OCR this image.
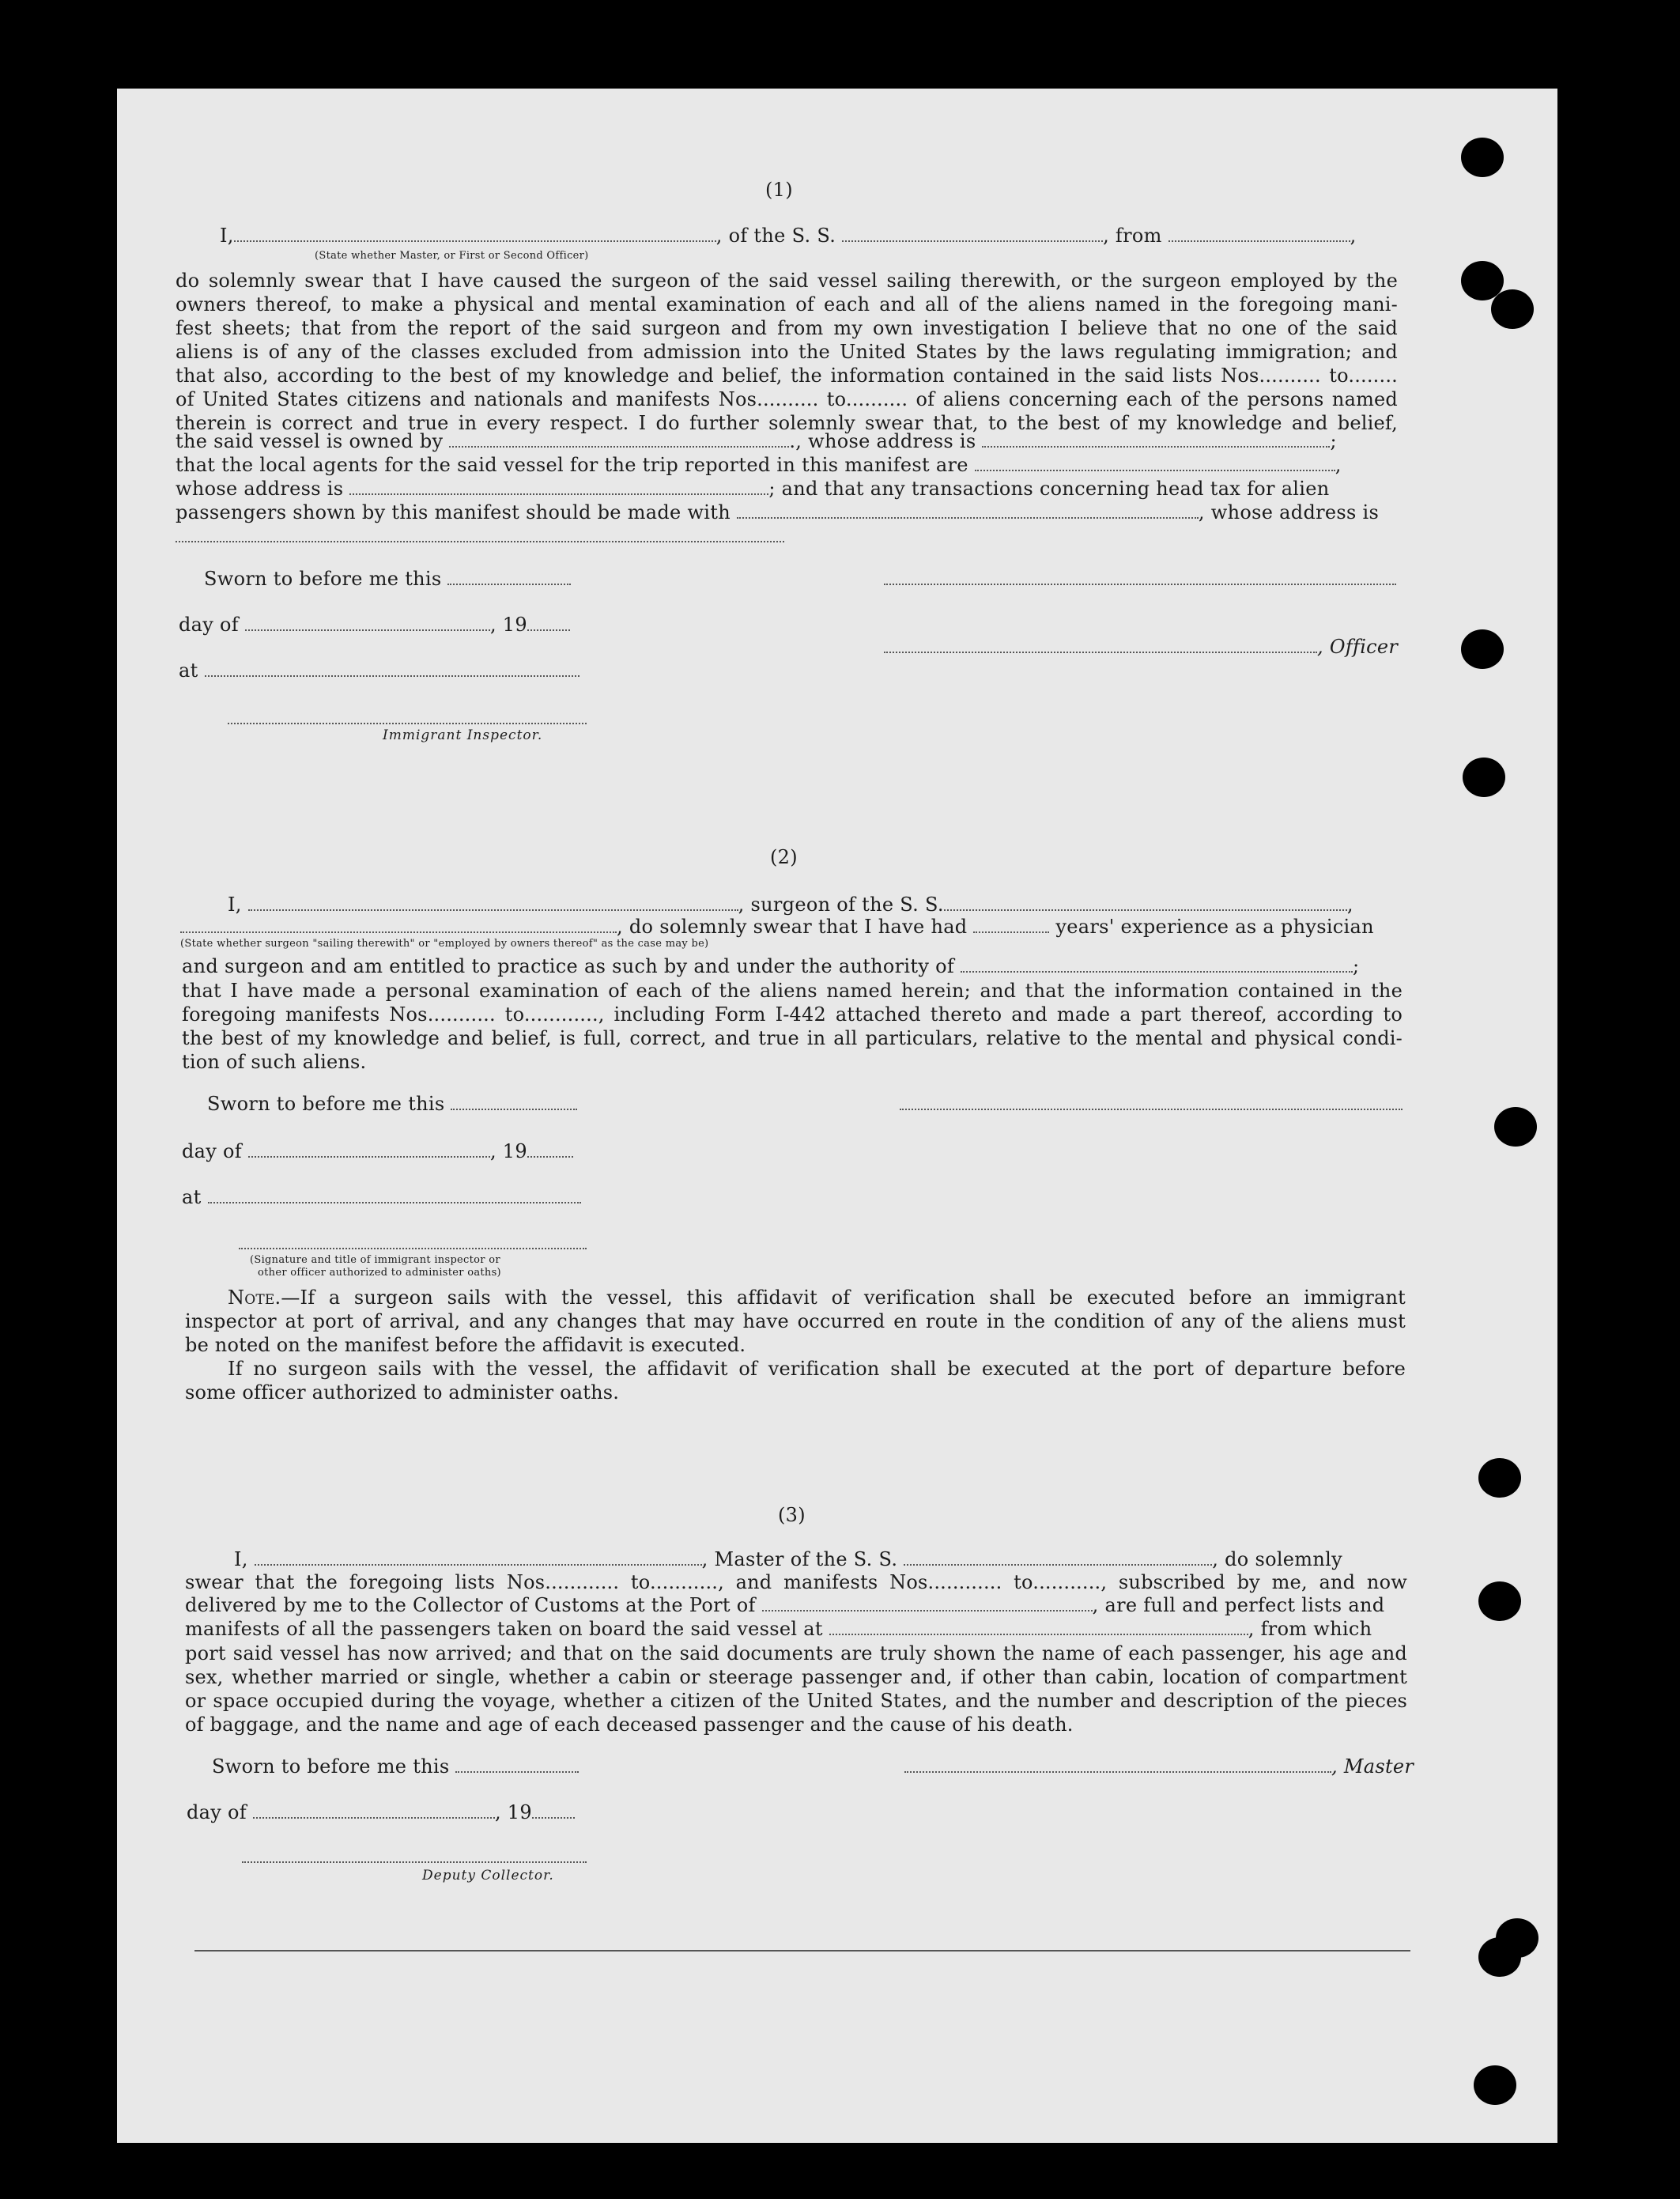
(1)
I,	, of the S. S.	, from	,
(State whether Master, or First or Second Officer)
do solemnly swear that I have caused the surgeon of the said vessel sailing therewith, or the surgeon employed by the
owners thereof, to make a physical and mental examination of each and all of the aliens named in the foregoing mani-
fest sheets; that from the report of the said surgeon and from my own investigation I believe that no one of the said
aliens is of any of the classes excluded from admission into the United States by the laws regulating immigration; and
that also, according to the best of my knowledge and belief, the information contained in the said lists Nos.......... to........
of United States citizens and nationals and manifests Nos.......... to.......... of aliens concerning each of the persons named
therein is correct and true in every respect. I do further solemnly swear that, to the best of my knowledge and belief,
the said vessel is owned by	., whose address is	;
that the local agents for the said vessel for the trip reported in this manifest are	,
whose address is	; and that any transactions concerning head tax for alien
passengers shown by this manifest should be made with	, whose address is
Sworn to before me this
day of	, 19
, Officer
at
Immigrant Inspector.
(2)
I,	, surgeon of the S. S.	,
, do solemnly swear that I have had	years' experience as a physician
(State whether surgeon "sailing therewith" or "employed by owners thereof" as the case may be)
and surgeon and am entitled to practice as such by and under the authority of	;
that I have made a personal examination of each of the aliens named herein; and that the information contained in the
foregoing manifests Nos........... to............, including Form I-442 attached thereto and made a part thereof, according to
the best of my knowledge and belief, is full, correct, and true in all particulars, relative to the mental and physical condi-
tion of such aliens.
Sworn to before me this
day of	, 19
at
(Signature and title of immigrant inspector or
other officer authorized to administer oaths)
Note.—If a surgeon sails with the vessel, this affidavit of verification shall be executed before an immigrant
inspector at port of arrival, and any changes that may have occurred en route in the condition of any of the aliens must
be noted on the manifest before the affidavit is executed.
If no surgeon sails with the vessel, the affidavit of verification shall be executed at the port of departure before
some officer authorized to administer oaths.
(3)
I,	, Master of the S. S.	, do solemnly
swear that the foregoing lists Nos............ to..........., and manifests Nos............ to..........., subscribed by me, and now
delivered by me to the Collector of Customs at the Port of	, are full and perfect lists and
manifests of all the passengers taken on board the said vessel at	, from which
port said vessel has now arrived; and that on the said documents are truly shown the name of each passenger, his age and
sex, whether married or single, whether a cabin or steerage passenger and, if other than cabin, location of compartment
or space occupied during the voyage, whether a citizen of the United States, and the number and description of the pieces
of baggage, and the name and age of each deceased passenger and the cause of his death.
Sworn to before me this	, Master
day of	, 19
Deputy Collector.
